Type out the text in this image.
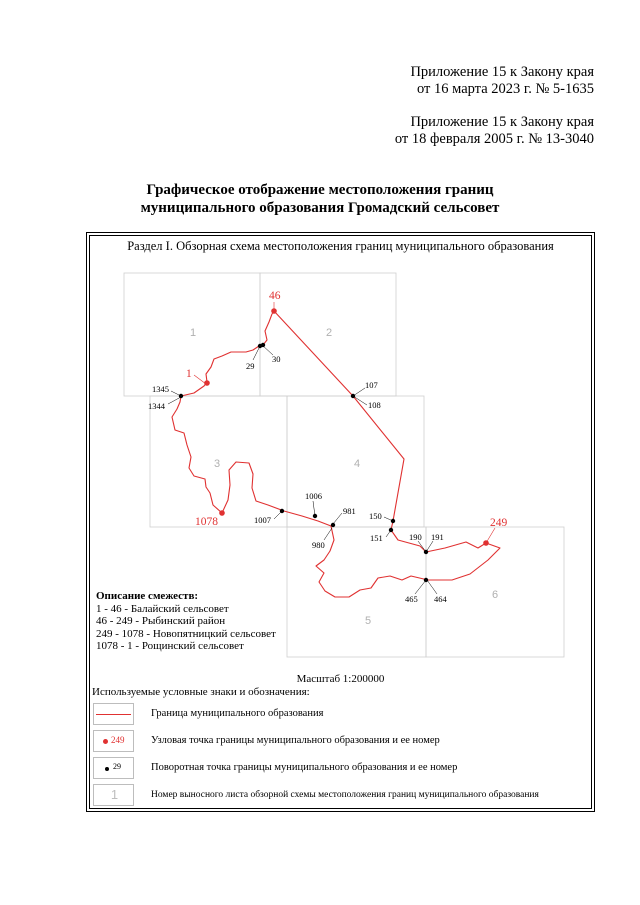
Приложение 15 к Закону края
от 16 марта 2023 г. № 5-1635
Приложение 15 к Закону края
от 18 февраля 2005 г. № 13-3040
Графическое отображение местоположения границ
муниципального образования Громадский сельсовет
Раздел I. Обзорная схема местоположения границ муниципального образования
1	2
3	4
5
6
30
29
1345
1344
107
108
1006
1007
981
980
150
151	190 191
465 464
46
1
1078	249
Описание смежеств:
1 - 46 - Балайский сельсовет
46 - 249 - Рыбинский район
249 - 1078 - Новопятницкий сельсовет
1078 - 1 - Рощинский сельсовет
Масштаб 1:200000
Используемые условные знаки и обозначения:
Граница муниципального образования
249	Узловая точка границы муниципального образования и ее номер
29	Поворотная точка границы муниципального образования и ее номер
1	Номер выносного листа обзорной схемы местоположения границ муниципального образования
